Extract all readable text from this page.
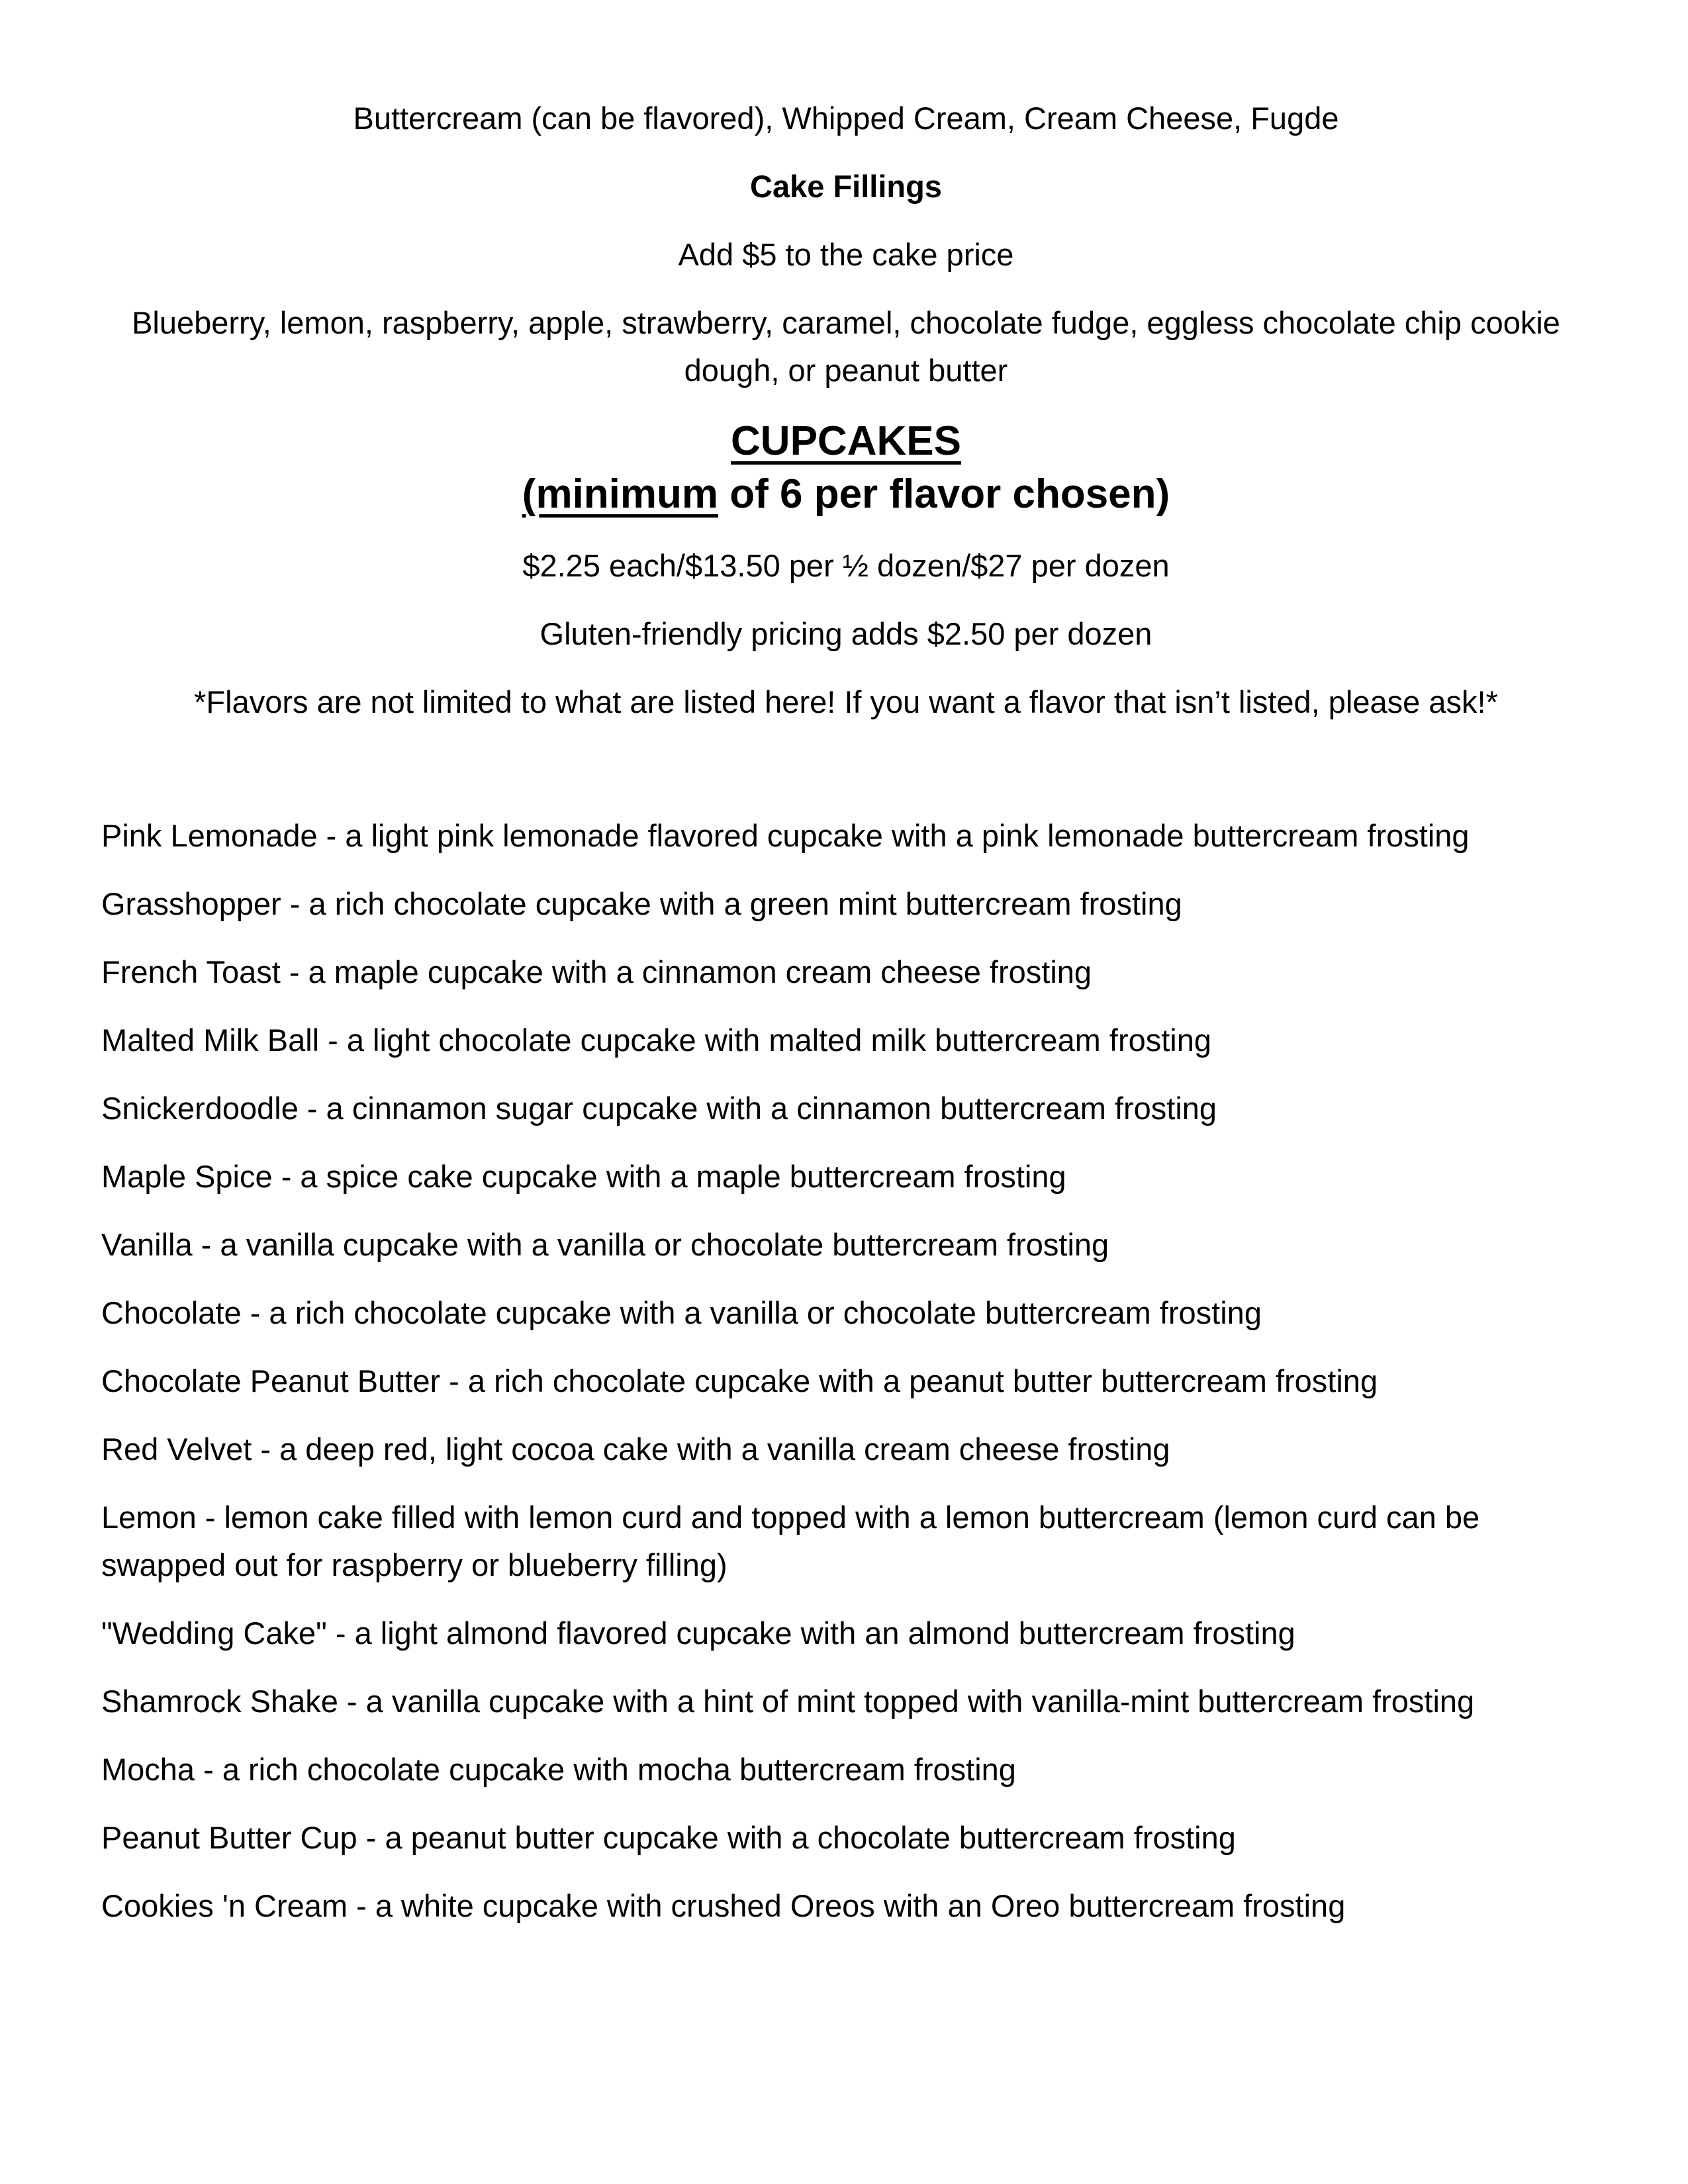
Buttercream (can be flavored), Whipped Cream, Cream Cheese, Fugde

Cake Fillings

Add $5 to the cake price

Blueberry, lemon, raspberry, apple, strawberry, caramel, chocolate fudge, eggless chocolate chip cookie dough, or peanut butter

CUPCAKES
(minimum of 6 per flavor chosen)

$2.25 each/$13.50 per ½ dozen/$27 per dozen

Gluten-friendly pricing adds $2.50 per dozen

*Flavors are not limited to what are listed here! If you want a flavor that isn’t listed, please ask!*

Pink Lemonade - a light pink lemonade flavored cupcake with a pink lemonade buttercream frosting

Grasshopper - a rich chocolate cupcake with a green mint buttercream frosting

French Toast - a maple cupcake with a cinnamon cream cheese frosting

Malted Milk Ball - a light chocolate cupcake with malted milk buttercream frosting

Snickerdoodle - a cinnamon sugar cupcake with a cinnamon buttercream frosting

Maple Spice - a spice cake cupcake with a maple buttercream frosting

Vanilla - a vanilla cupcake with a vanilla or chocolate buttercream frosting

Chocolate - a rich chocolate cupcake with a vanilla or chocolate buttercream frosting

Chocolate Peanut Butter - a rich chocolate cupcake with a peanut butter buttercream frosting

Red Velvet - a deep red, light cocoa cake with a vanilla cream cheese frosting

Lemon - lemon cake filled with lemon curd and topped with a lemon buttercream (lemon curd can be swapped out for raspberry or blueberry filling)

"Wedding Cake" - a light almond flavored cupcake with an almond buttercream frosting

Shamrock Shake - a vanilla cupcake with a hint of mint topped with vanilla-mint buttercream frosting

Mocha - a rich chocolate cupcake with mocha buttercream frosting

Peanut Butter Cup - a peanut butter cupcake with a chocolate buttercream frosting

Cookies 'n Cream - a white cupcake with crushed Oreos with an Oreo buttercream frosting
